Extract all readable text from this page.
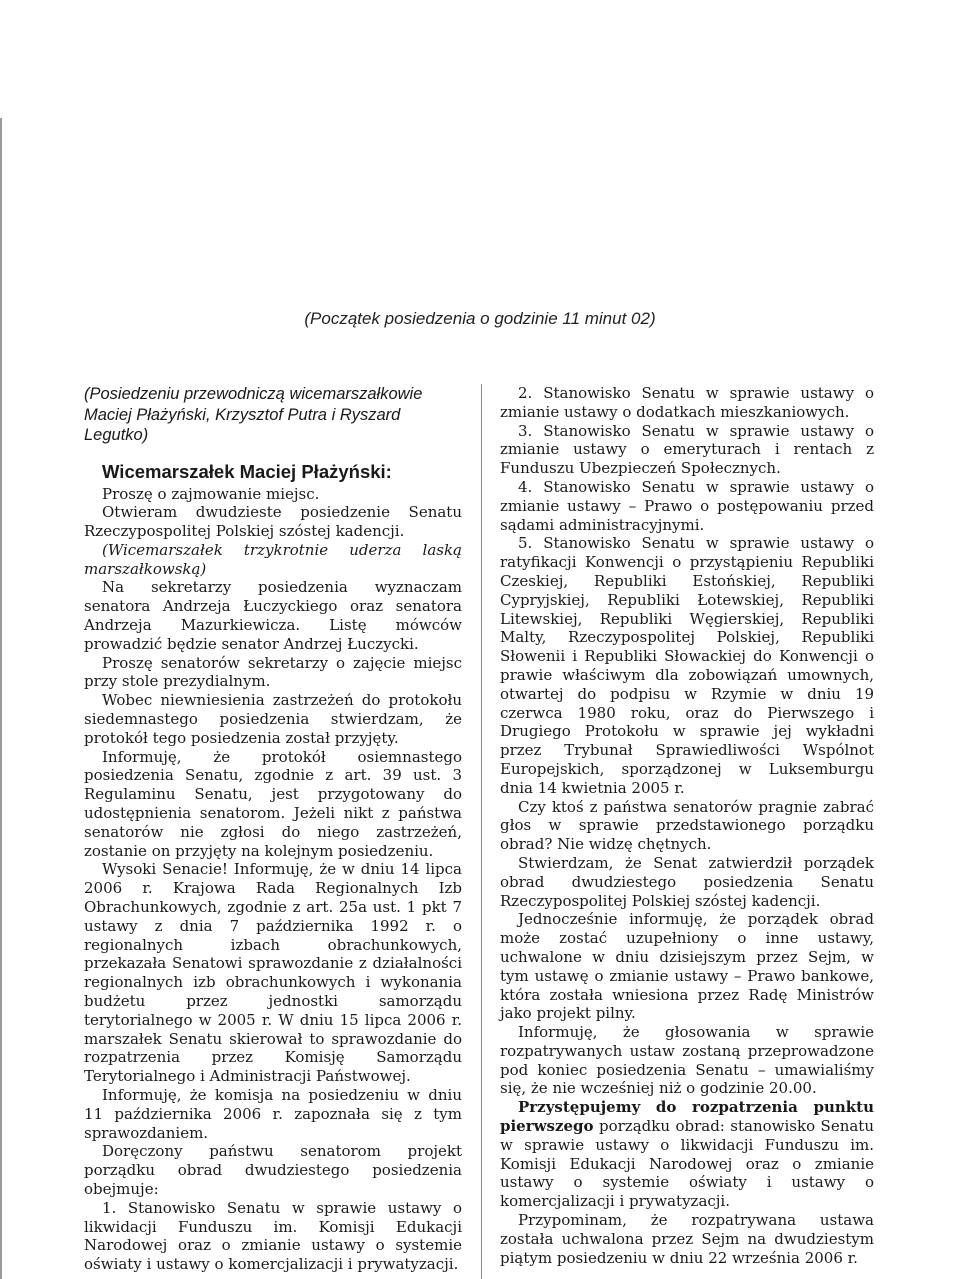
(Początek posiedzenia o godzinie 11 minut 02)

(Posiedzeniu przewodniczą wicemarszałkowie Maciej Płażyński, Krzysztof Putra i Ryszard Legutko)

Wicemarszałek Maciej Płażyński:

Proszę o zajmowanie miejsc.

Otwieram dwudzieste posiedzenie Senatu Rzeczypospolitej Polskiej szóstej kadencji.

(Wicemarszałek trzykrotnie uderza laską marszałkowską)

Na sekretarzy posiedzenia wyznaczam senatora Andrzeja Łuczyckiego oraz senatora Andrzeja Mazurkiewicza. Listę mówców prowadzić będzie senator Andrzej Łuczycki.

Proszę senatorów sekretarzy o zajęcie miejsc przy stole prezydialnym.

Wobec niewniesienia zastrzeżeń do protokołu siedemnastego posiedzenia stwierdzam, że protokół tego posiedzenia został przyjęty.

Informuję, że protokół osiemnastego posiedzenia Senatu, zgodnie z art. 39 ust. 3 Regulaminu Senatu, jest przygotowany do udostępnienia senatorom. Jeżeli nikt z państwa senatorów nie zgłosi do niego zastrzeżeń, zostanie on przyjęty na kolejnym posiedzeniu.

Wysoki Senacie! Informuję, że w dniu 14 lipca 2006 r. Krajowa Rada Regionalnych Izb Obrachunkowych, zgodnie z art. 25a ust. 1 pkt 7 ustawy z dnia 7 października 1992 r. o regionalnych izbach obrachunkowych, przekazała Senatowi sprawozdanie z działalności regionalnych izb obrachunkowych i wykonania budżetu przez jednostki samorządu terytorialnego w 2005 r. W dniu 15 lipca 2006 r. marszałek Senatu skierował to sprawozdanie do rozpatrzenia przez Komisję Samorządu Terytorialnego i Administracji Państwowej.

Informuję, że komisja na posiedzeniu w dniu 11 października 2006 r. zapoznała się z tym sprawozdaniem.

Doręczony państwu senatorom projekt porządku obrad dwudziestego posiedzenia obejmuje:

1. Stanowisko Senatu w sprawie ustawy o likwidacji Funduszu im. Komisji Edukacji Narodowej oraz o zmianie ustawy o systemie oświaty i ustawy o komercjalizacji i prywatyzacji.

2. Stanowisko Senatu w sprawie ustawy o zmianie ustawy o dodatkach mieszkaniowych.

3. Stanowisko Senatu w sprawie ustawy o zmianie ustawy o emeryturach i rentach z Funduszu Ubezpieczeń Społecznych.

4. Stanowisko Senatu w sprawie ustawy o zmianie ustawy – Prawo o postępowaniu przed sądami administracyjnymi.

5. Stanowisko Senatu w sprawie ustawy o ratyfikacji Konwencji o przystąpieniu Republiki Czeskiej, Republiki Estońskiej, Republiki Cypryjskiej, Republiki Łotewskiej, Republiki Litewskiej, Republiki Węgierskiej, Republiki Malty, Rzeczypospolitej Polskiej, Republiki Słowenii i Republiki Słowackiej do Konwencji o prawie właściwym dla zobowiązań umownych, otwartej do podpisu w Rzymie w dniu 19 czerwca 1980 roku, oraz do Pierwszego i Drugiego Protokołu w sprawie jej wykładni przez Trybunał Sprawiedliwości Wspólnot Europejskich, sporządzonej w Luksemburgu dnia 14 kwietnia 2005 r.

Czy ktoś z państwa senatorów pragnie zabrać głos w sprawie przedstawionego porządku obrad? Nie widzę chętnych.

Stwierdzam, że Senat zatwierdził porządek obrad dwudziestego posiedzenia Senatu Rzeczypospolitej Polskiej szóstej kadencji.

Jednocześnie informuję, że porządek obrad może zostać uzupełniony o inne ustawy, uchwalone w dniu dzisiejszym przez Sejm, w tym ustawę o zmianie ustawy – Prawo bankowe, która została wniesiona przez Radę Ministrów jako projekt pilny.

Informuję, że głosowania w sprawie rozpatrywanych ustaw zostaną przeprowadzone pod koniec posiedzenia Senatu – umawialiśmy się, że nie wcześniej niż o godzinie 20.00.

Przystępujemy do rozpatrzenia punktu pierwszego porządku obrad: stanowisko Senatu w sprawie ustawy o likwidacji Funduszu im. Komisji Edukacji Narodowej oraz o zmianie ustawy o systemie oświaty i ustawy o komercjalizacji i prywatyzacji.

Przypominam, że rozpatrywana ustawa została uchwalona przez Sejm na dwudziestym piątym posiedzeniu w dniu 22 września 2006 r.
